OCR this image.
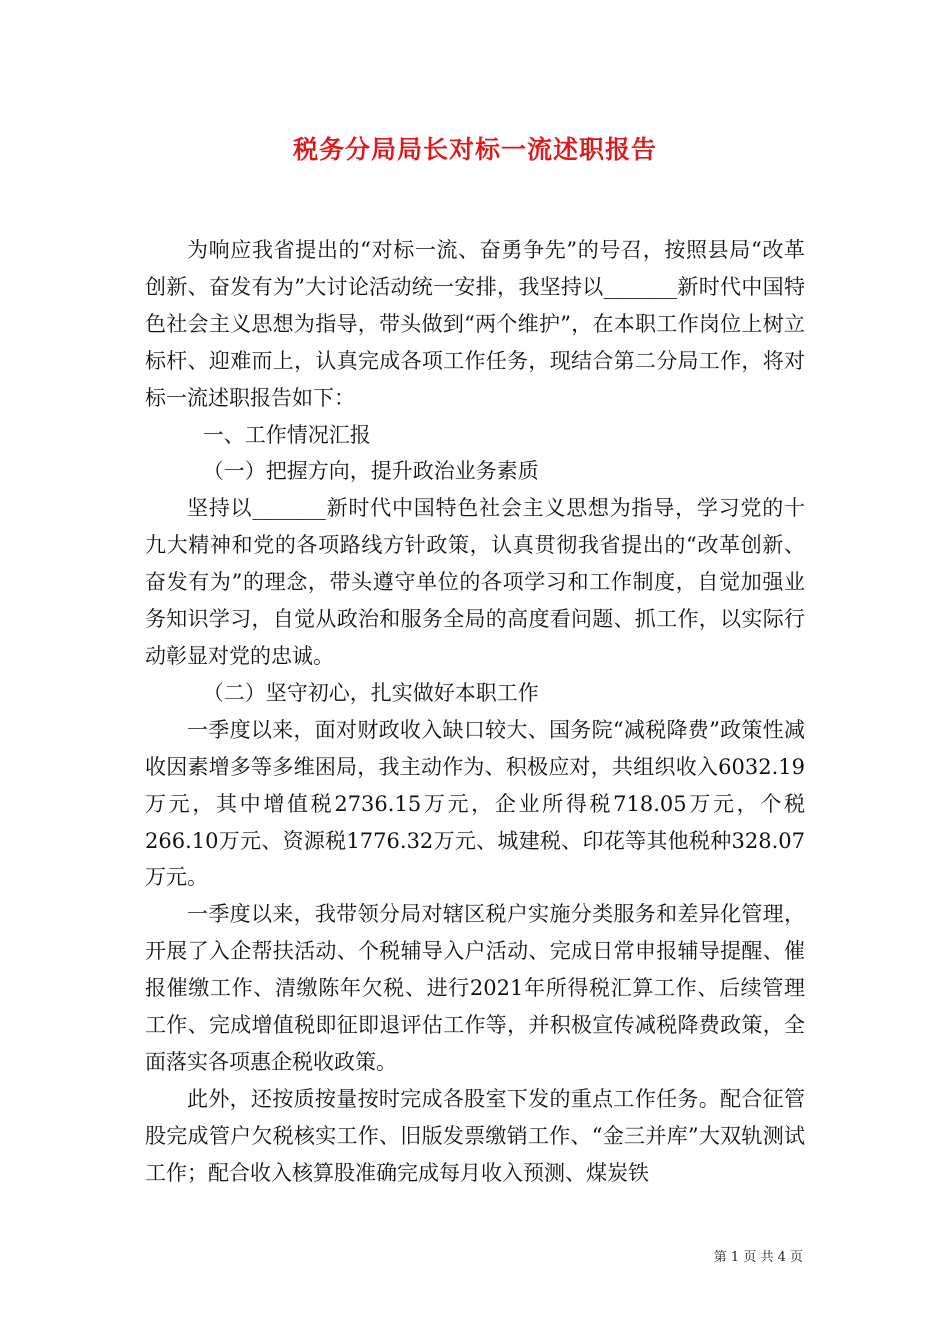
税务分局局长对标一流述职报告

为响应我省提出的“对标一流、奋勇争先”的号召，按照县局“改革创新、奋发有为”大讨论活动统一安排，我坚持以_______新时代中国特色社会主义思想为指导，带头做到“两个维护”，在本职工作岗位上树立标杆、迎难而上，认真完成各项工作任务，现结合第二分局工作，将对标一流述职报告如下：

一、工作情况汇报

（一）把握方向，提升政治业务素质

坚持以_______新时代中国特色社会主义思想为指导，学习党的十九大精神和党的各项路线方针政策，认真贯彻我省提出的“改革创新、奋发有为”的理念，带头遵守单位的各项学习和工作制度，自觉加强业务知识学习，自觉从政治和服务全局的高度看问题、抓工作，以实际行动彰显对党的忠诚。

（二）坚守初心，扎实做好本职工作

一季度以来，面对财政收入缺口较大、国务院“减税降费”政策性减收因素增多等多维困局，我主动作为、积极应对，共组织收入6032.19万元，其中增值税2736.15万元，企业所得税718.05万元，个税266.10万元、资源税1776.32万元、城建税、印花等其他税种328.07万元。

一季度以来，我带领分局对辖区税户实施分类服务和差异化管理，开展了入企帮扶活动、个税辅导入户活动、完成日常申报辅导提醒、催报催缴工作、清缴陈年欠税、进行2021年所得税汇算工作、后续管理工作、完成增值税即征即退评估工作等，并积极宣传减税降费政策，全面落实各项惠企税收政策。

此外，还按质按量按时完成各股室下发的重点工作任务。配合征管股完成管户欠税核实工作、旧版发票缴销工作、“金三并库”大双轨测试工作；配合收入核算股准确完成每月收入预测、煤炭铁

第 1 页 共 4 页
